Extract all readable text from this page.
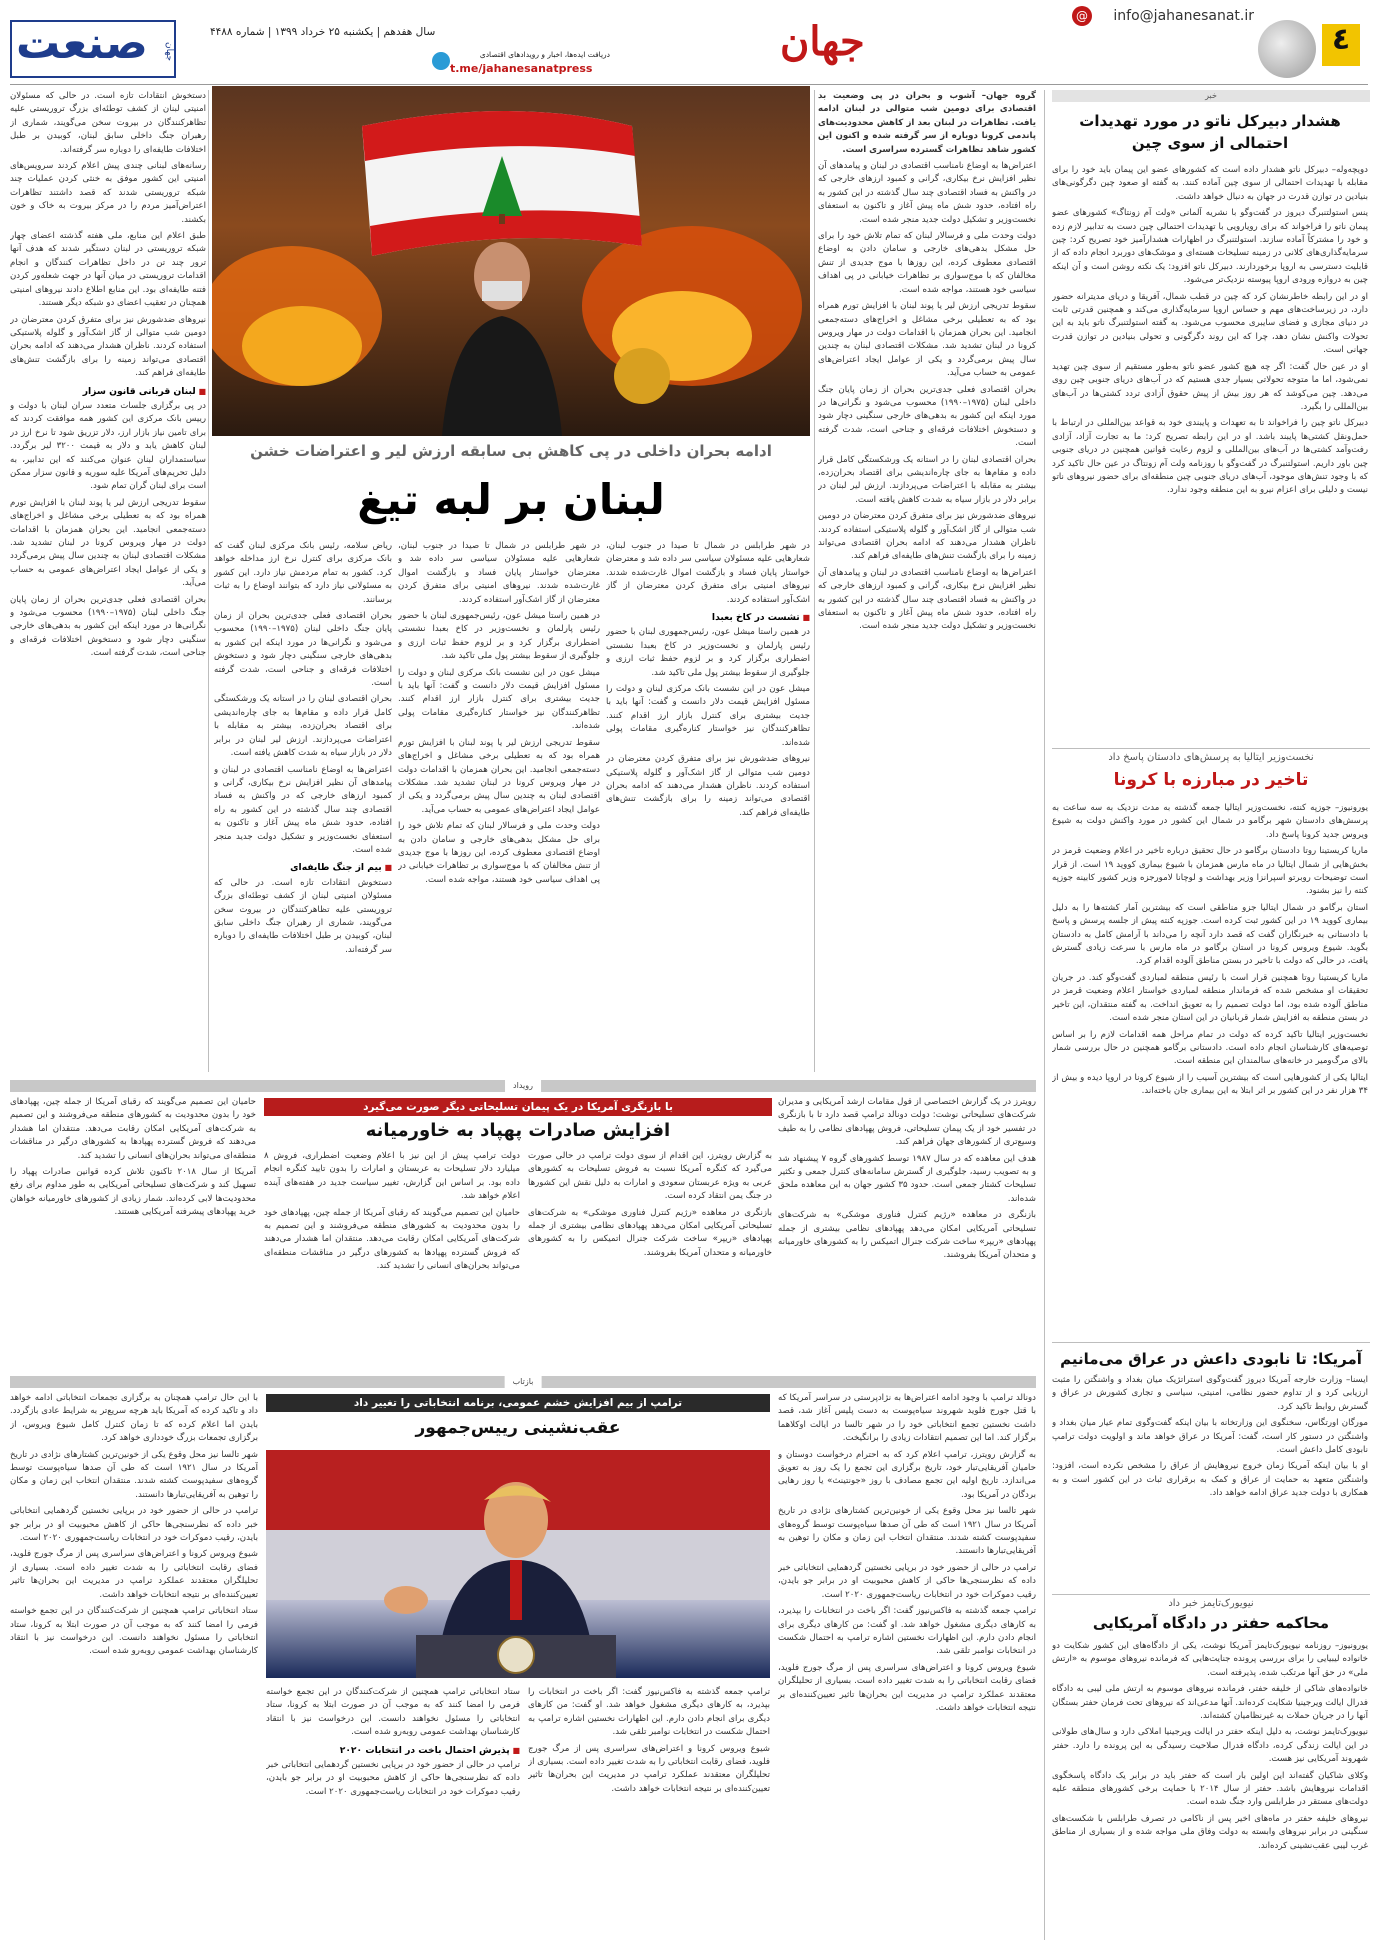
٤
@ info@jahanesanat.ir
جهان
دریافت ایده‌ها، اخبار و رویدادهای اقتصادی
t.me/jahanesanatpress
سال هفدهم | یکشنبه ۲۵ خرداد ۱۳۹۹ | شماره ۴۴۸۸
صنعت جهان
خبر
هشدار دبیرکل ناتو در مورد تهدیدات احتمالی از سوی چین

دویچه‌وله– دبیرکل ناتو هشدار داده است که کشورهای عضو این پیمان باید خود را برای مقابله با تهدیدات احتمالی از سوی چین آماده کنند. به گفته او صعود چین دگرگونی‌های بنیادین در توازن قدرت در جهان به دنبال خواهد داشت.

ینس استولتنبرگ دیروز در گفت‌وگو با نشریه آلمانی «ولت آم زونتاگ» کشورهای عضو پیمان ناتو را فراخواند که برای رویارویی با تهدیدات احتمالی چین دست به تدابیر لازم زده و خود را مشترکاً آماده سازند. استولتنبرگ در اظهارات هشدارآمیز خود تصریح کرد: چین سرمایه‌گذاری‌های کلانی در زمینه تسلیحات هسته‌ای و موشک‌های دوربرد انجام داده که از قابلیت دسترسی به اروپا برخوردارند. دبیرکل ناتو افزود: یک نکته روشن است و آن اینکه چین به دروازه ورودی اروپا پیوسته نزدیک‌تر می‌شود.

او در این رابطه خاطرنشان کرد که چین در قطب شمال، آفریقا و دریای مدیترانه حضور دارد، در زیرساخت‌های مهم و حساس اروپا سرمایه‌گذاری می‌کند و همچنین قدرتی ثابت در دنیای مجازی و فضای سایبری محسوب می‌شود. به گفته استولتنبرگ ناتو باید به این تحولات واکنش نشان دهد، چرا که این روند دگرگونی و تحولی بنیادین در توازن قدرت جهانی است.

او در عین حال گفت: اگر چه هیچ کشور عضو ناتو به‌طور مستقیم از سوی چین تهدید نمی‌شود، اما ما متوجه تحولاتی بسیار جدی هستیم که در آب‌های دریای جنوبی چین روی می‌دهد. چین می‌کوشد که هر روز بیش از پیش حقوق آزادی تردد کشتی‌ها در آب‌های بین‌المللی را بگیرد.

دبیرکل ناتو چین را فراخواند تا به تعهدات و پایبندی خود به قواعد بین‌المللی در ارتباط با حمل‌ونقل کشتی‌ها پایبند باشد. او در این رابطه تصریح کرد: ما به تجارت آزاد، آزادی رفت‌وآمد کشتی‌ها در آب‌های بین‌المللی و لزوم رعایت قوانین همچنین در دریای جنوبی چین باور داریم. استولتنبرگ در گفت‌وگو با روزنامه ولت آم زونتاگ در عین حال تاکید کرد که با وجود تنش‌های موجود، آب‌های دریای جنوبی چین منطقه‌ای برای حضور نیروهای ناتو نیست و دلیلی برای اعزام نیرو به این منطقه وجود ندارد.

نخست‌وزیر ایتالیا به پرسش‌های دادستان پاسخ داد
تاخیر در مبارزه با کرونا

یورونیوز– جوزپه کنته، نخست‌وزیر ایتالیا جمعه گذشته به مدت نزدیک به سه ساعت به پرسش‌های دادستان شهر برگامو در شمال این کشور در مورد واکنش دولت به شیوع ویروس جدید کرونا پاسخ داد.

ماریا کریستینا روتا دادستان برگامو در حال تحقیق درباره تاخیر در اعلام وضعیت قرمز در بخش‌هایی از شمال ایتالیا در ماه مارس همزمان با شیوع بیماری کووید ۱۹ است. از قرار است توضیحات روبرتو اسپرانزا وزیر بهداشت و لوچانا لامورجزه وزیر کشور کابینه جوزپه کنته را نیز بشنود.

استان برگامو در شمال ایتالیا جزو مناطقی است که بیشترین آمار کشته‌ها را به دلیل بیماری کووید ۱۹ در این کشور ثبت کرده است. جوزپه کنته پیش از جلسه پرسش و پاسخ با دادستانی به خبرنگاران گفت که قصد دارد آنچه را می‌داند با آرامش کامل به دادستان بگوید. شیوع ویروس کرونا در استان برگامو در ماه مارس با سرعت زیادی گسترش یافت، در حالی که دولت با تاخیر در بستن مناطق آلوده اقدام کرد.

ماریا کریستینا روتا همچنین قرار است با رئیس منطقه لمباردی گفت‌وگو کند. در جریان تحقیقات او مشخص شده که فرماندار منطقه لمباردی خواستار اعلام وضعیت قرمز در مناطق آلوده شده بود، اما دولت تصمیم را به تعویق انداخت. به گفته منتقدان، این تاخیر در بستن منطقه به افزایش شمار قربانیان در این استان منجر شده است.

نخست‌وزیر ایتالیا تاکید کرده که دولت در تمام مراحل همه اقدامات لازم را بر اساس توصیه‌های کارشناسان انجام داده است. دادستانی برگامو همچنین در حال بررسی شمار بالای مرگ‌ومیر در خانه‌های سالمندان این منطقه است.

ایتالیا یکی از کشورهایی است که بیشترین آسیب را از شیوع کرونا در اروپا دیده و بیش از ۳۴ هزار نفر در این کشور بر اثر ابتلا به این بیماری جان باخته‌اند.

آمریکا: تا نابودی داعش در عراق می‌مانیم

ایسنا– وزارت خارجه آمریکا دیروز گفت‌وگوی استراتژیک میان بغداد و واشنگتن را مثبت ارزیابی کرد و از تداوم حضور نظامی، امنیتی، سیاسی و تجاری کشورش در عراق و گسترش روابط تاکید کرد.

مورگان اورتگاس، سخنگوی این وزارتخانه با بیان اینکه گفت‌وگوی تمام عیار میان بغداد و واشنگتن در دستور کار است، گفت: آمریکا در عراق خواهد ماند و اولویت دولت ترامپ نابودی کامل داعش است.

او با بیان اینکه آمریکا زمان خروج نیروهایش از عراق را مشخص نکرده است، افزود: واشنگتن متعهد به حمایت از عراق و کمک به برقراری ثبات در این کشور است و به همکاری با دولت جدید عراق ادامه خواهد داد.

نیویورک‌تایمز خبر داد
محاکمه حفتر در دادگاه آمریکایی

یورونیوز– روزنامه نیویورک‌تایمز آمریکا نوشت، یکی از دادگاه‌های این کشور شکایت دو خانواده لیبیایی را برای بررسی پرونده جنایت‌هایی که فرمانده نیروهای موسوم به «ارتش ملی» در حق آنها مرتکب شده، پذیرفته است.

خانواده‌های شاکی از خلیفه حفتر، فرمانده نیروهای موسوم به ارتش ملی لیبی به دادگاه فدرال ایالت ویرجینیا شکایت کرده‌اند. آنها مدعی‌اند که نیروهای تحت فرمان حفتر بستگان آنها را در جریان حملات به غیرنظامیان کشته‌اند.

نیویورک‌تایمز نوشت، به دلیل اینکه حفتر در ایالت ویرجینیا املاکی دارد و سال‌های طولانی در این ایالت زندگی کرده، دادگاه فدرال صلاحیت رسیدگی به این پرونده را دارد. حفتر شهروند آمریکایی نیز هست.

وکلای شاکیان گفته‌اند این اولین بار است که حفتر باید در برابر یک دادگاه پاسخگوی اقدامات نیروهایش باشد. حفتر از سال ۲۰۱۴ با حمایت برخی کشورهای منطقه علیه دولت‌های مستقر در طرابلس وارد جنگ شده است.

نیروهای خلیفه حفتر در ماه‌های اخیر پس از ناکامی در تصرف طرابلس با شکست‌های سنگینی در برابر نیروهای وابسته به دولت وفاق ملی مواجه شده و از بسیاری از مناطق غرب لیبی عقب‌نشینی کرده‌اند.

ادامه بحران داخلی در پی کاهش بی سابقه ارزش لیر و اعتراضات خشن
لبنان بر لبه تیغ

گروه جهان– آشوب و بحران در پی وضعیت بد اقتصادی برای دومین شب متوالی در لبنان ادامه یافت. تظاهرات در لبنان بعد از کاهش محدودیت‌های پاندمی کرونا دوباره از سر گرفته شده و اکنون این کشور شاهد تظاهرات گسترده سراسری است.

اعتراض‌ها به اوضاع نامناسب اقتصادی در لبنان و پیامدهای آن نظیر افزایش نرخ بیکاری، گرانی و کمبود ارزهای خارجی که در واکنش به فساد اقتصادی چند سال گذشته در این کشور به راه افتاده، حدود شش ماه پیش آغاز و تاکنون به استعفای نخست‌وزیر و تشکیل دولت جدید منجر شده است.

دولت وحدت ملی و فرسالار لبنان که تمام تلاش خود را برای حل مشکل بدهی‌های خارجی و سامان دادن به اوضاع اقتصادی معطوف کرده، این روزها با موج جدیدی از تنش مخالفان که با موج‌سواری بر تظاهرات خیابانی در پی اهداف سیاسی خود هستند، مواجه شده است.

سقوط تدریجی ارزش لیر یا پوند لبنان با افزایش تورم همراه بود که به تعطیلی برخی مشاغل و اخراج‌های دسته‌جمعی انجامید. این بحران همزمان با اقدامات دولت در مهار ویروس کرونا در لبنان تشدید شد. مشکلات اقتصادی لبنان به چندین سال پیش برمی‌گردد و یکی از عوامل ایجاد اعتراض‌های عمومی به حساب می‌آید.

بحران اقتصادی فعلی جدی‌ترین بحران از زمان پایان جنگ داخلی لبنان (۱۹۷۵–۱۹۹۰) محسوب می‌شود و نگرانی‌ها در مورد اینکه این کشور به بدهی‌های خارجی سنگینی دچار شود و دستخوش اختلافات فرقه‌ای و جناحی است، شدت گرفته است.

بحران اقتصادی لبنان را در استانه یک ورشکستگی کامل قرار داده و مقام‌ها به جای چاره‌اندیشی برای اقتصاد بحران‌زده، بیشتر به مقابله با اعتراضات می‌پردازند. ارزش لیر لبنان در برابر دلار در بازار سیاه به شدت کاهش یافته است.

نیروهای ضدشورش نیز برای متفرق کردن معترضان در دومین شب متوالی از گاز اشک‌آور و گلوله پلاستیکی استفاده کردند. ناظران هشدار می‌دهند که ادامه بحران اقتصادی می‌تواند زمینه را برای بازگشت تنش‌های طایفه‌ای فراهم کند.

اعتراض‌ها به اوضاع نامناسب اقتصادی در لبنان و پیامدهای آن نظیر افزایش نرخ بیکاری، گرانی و کمبود ارزهای خارجی که در واکنش به فساد اقتصادی چند سال گذشته در این کشور به راه افتاده، حدود شش ماه پیش آغاز و تاکنون به استعفای نخست‌وزیر و تشکیل دولت جدید منجر شده است.

در شهر طرابلس در شمال تا صیدا در جنوب لبنان، شعارهایی علیه مسئولان سیاسی سر داده شد و معترضان خواستار پایان فساد و بازگشت اموال غارت‌شده شدند. نیروهای امنیتی برای متفرق کردن معترضان از گاز اشک‌آور استفاده کردند.

■ تشست در کاخ بعبدا

در همین راستا میشل عون، رئیس‌جمهوری لبنان با حضور رئیس پارلمان و نخست‌وزیر در کاخ بعبدا نشستی اضطراری برگزار کرد و بر لزوم حفظ ثبات ارزی و جلوگیری از سقوط بیشتر پول ملی تاکید شد.

میشل عون در این نشست بانک مرکزی لبنان و دولت را مسئول افزایش قیمت دلار دانست و گفت: آنها باید با جدیت بیشتری برای کنترل بازار ارز اقدام کنند. تظاهرکنندگان نیز خواستار کناره‌گیری مقامات پولی شده‌اند.

نیروهای ضدشورش نیز برای متفرق کردن معترضان در دومین شب متوالی از گاز اشک‌آور و گلوله پلاستیکی استفاده کردند. ناظران هشدار می‌دهند که ادامه بحران اقتصادی می‌تواند زمینه را برای بازگشت تنش‌های طایفه‌ای فراهم کند.

در شهر طرابلس در شمال تا صیدا در جنوب لبنان، شعارهایی علیه مسئولان سیاسی سر داده شد و معترضان خواستار پایان فساد و بازگشت اموال غارت‌شده شدند. نیروهای امنیتی برای متفرق کردن معترضان از گاز اشک‌آور استفاده کردند.

در همین راستا میشل عون، رئیس‌جمهوری لبنان با حضور رئیس پارلمان و نخست‌وزیر در کاخ بعبدا نشستی اضطراری برگزار کرد و بر لزوم حفظ ثبات ارزی و جلوگیری از سقوط بیشتر پول ملی تاکید شد.

میشل عون در این نشست بانک مرکزی لبنان و دولت را مسئول افزایش قیمت دلار دانست و گفت: آنها باید با جدیت بیشتری برای کنترل بازار ارز اقدام کنند. تظاهرکنندگان نیز خواستار کناره‌گیری مقامات پولی شده‌اند.

سقوط تدریجی ارزش لیر یا پوند لبنان با افزایش تورم همراه بود که به تعطیلی برخی مشاغل و اخراج‌های دسته‌جمعی انجامید. این بحران همزمان با اقدامات دولت در مهار ویروس کرونا در لبنان تشدید شد. مشکلات اقتصادی لبنان به چندین سال پیش برمی‌گردد و یکی از عوامل ایجاد اعتراض‌های عمومی به حساب می‌آید.

دولت وحدت ملی و فرسالار لبنان که تمام تلاش خود را برای حل مشکل بدهی‌های خارجی و سامان دادن به اوضاع اقتصادی معطوف کرده، این روزها با موج جدیدی از تنش مخالفان که با موج‌سواری بر تظاهرات خیابانی در پی اهداف سیاسی خود هستند، مواجه شده است.

ریاض سلامه، رئیس بانک مرکزی لبنان گفت که بانک مرکزی برای کنترل نرخ ارز مداخله خواهد کرد. کشور به تمام مردمش نیاز دارد. این کشور به مسئولانی نیاز دارد که بتوانند اوضاع را به ثبات برسانند.

بحران اقتصادی فعلی جدی‌ترین بحران از زمان پایان جنگ داخلی لبنان (۱۹۷۵–۱۹۹۰) محسوب می‌شود و نگرانی‌ها در مورد اینکه این کشور به بدهی‌های خارجی سنگینی دچار شود و دستخوش اختلافات فرقه‌ای و جناحی است، شدت گرفته است.

بحران اقتصادی لبنان را در استانه یک ورشکستگی کامل قرار داده و مقام‌ها به جای چاره‌اندیشی برای اقتصاد بحران‌زده، بیشتر به مقابله با اعتراضات می‌پردازند. ارزش لیر لبنان در برابر دلار در بازار سیاه به شدت کاهش یافته است.

اعتراض‌ها به اوضاع نامناسب اقتصادی در لبنان و پیامدهای آن نظیر افزایش نرخ بیکاری، گرانی و کمبود ارزهای خارجی که در واکنش به فساد اقتصادی چند سال گذشته در این کشور به راه افتاده، حدود شش ماه پیش آغاز و تاکنون به استعفای نخست‌وزیر و تشکیل دولت جدید منجر شده است.

■ بیم از جنگ طایفه‌ای

دستخوش انتقادات تازه است. در حالی که مسئولان امنیتی لبنان از کشف توطئه‌ای بزرگ تروریستی علیه تظاهرکنندگان در بیروت سخن می‌گویند، شماری از رهبران جنگ داخلی سابق لبنان، کوبیدن بر طبل اختلافات طایفه‌ای را دوباره سر گرفته‌اند.

دستخوش انتقادات تازه است. در حالی که مسئولان امنیتی لبنان از کشف توطئه‌ای بزرگ تروریستی علیه تظاهرکنندگان در بیروت سخن می‌گویند، شماری از رهبران جنگ داخلی سابق لبنان، کوبیدن بر طبل اختلافات طایفه‌ای را دوباره سر گرفته‌اند.

رسانه‌های لبنانی چندی پیش اعلام کردند سرویس‌های امنیتی این کشور موفق به خنثی کردن عملیات چند شبکه تروریستی شدند که قصد داشتند تظاهرات اعتراض‌آمیز مردم را در مرکز بیروت به خاک و خون بکشند.

طبق اعلام این منابع، ملی هفته گذشته اعضای چهار شبکه تروریستی در لبنان دستگیر شدند که هدف آنها ترور چند تن در داخل تظاهرات کنندگان و انجام اقدامات تروریستی در میان آنها در جهت شعله‌ور کردن فتنه طایفه‌ای بود. این منابع اطلاع دادند نیروهای امنیتی همچنان در تعقیب اعضای دو شبکه دیگر هستند.

نیروهای ضدشورش نیز برای متفرق کردن معترضان در دومین شب متوالی از گاز اشک‌آور و گلوله پلاستیکی استفاده کردند. ناظران هشدار می‌دهند که ادامه بحران اقتصادی می‌تواند زمینه را برای بازگشت تنش‌های طایفه‌ای فراهم کند.

■ لبنان قربانی قانون سزار

در پی برگزاری جلسات متعدد سران لبنان با دولت و رییس بانک مرکزی این کشور همه موافقت کردند که برای تامین نیاز بازار ارز، دلار تزریق شود تا نرخ ارز در لبنان کاهش یابد و دلار به قیمت ۳۲۰۰ لیر برگردد. سیاستمداران لبنان عنوان می‌کنند که این تدابیر، به دلیل تحریم‌های آمریکا علیه سوریه و قانون سزار ممکن است برای لبنان گران تمام شود.

سقوط تدریجی ارزش لیر یا پوند لبنان با افزایش تورم همراه بود که به تعطیلی برخی مشاغل و اخراج‌های دسته‌جمعی انجامید. این بحران همزمان با اقدامات دولت در مهار ویروس کرونا در لبنان تشدید شد. مشکلات اقتصادی لبنان به چندین سال پیش برمی‌گردد و یکی از عوامل ایجاد اعتراض‌های عمومی به حساب می‌آید.

بحران اقتصادی فعلی جدی‌ترین بحران از زمان پایان جنگ داخلی لبنان (۱۹۷۵–۱۹۹۰) محسوب می‌شود و نگرانی‌ها در مورد اینکه این کشور به بدهی‌های خارجی سنگینی دچار شود و دستخوش اختلافات فرقه‌ای و جناحی است، شدت گرفته است.

رویداد
با بازنگری آمریکا در یک پیمان تسلیحاتی دیگر صورت می‌گیرد
افزایش صادرات پهپاد به خاورمیانه

رویترز در یک گزارش اختصاصی از قول مقامات ارشد آمریکایی و مدیران شرکت‌های تسلیحاتی نوشت: دولت دونالد ترامپ قصد دارد تا با بازنگری در تفسیر خود از یک پیمان تسلیحاتی، فروش پهپادهای نظامی را به طیف وسیع‌تری از کشورهای جهان فراهم کند.

هدف این معاهده که در سال ۱۹۸۷ توسط کشورهای گروه ۷ پیشنهاد شد و به تصویب رسید، جلوگیری از گسترش سامانه‌های کنترل جمعی و تکثیر تسلیحات کشتار جمعی است. حدود ۳۵ کشور جهان به این معاهده ملحق شده‌اند.

بازنگری در معاهده «رژیم کنترل فناوری موشکی» به شرکت‌های تسلیحاتی آمریکایی امکان می‌دهد پهپادهای نظامی بیشتری از جمله پهپادهای «ریپر» ساخت شرکت جنرال اتمیکس را به کشورهای خاورمیانه و متحدان آمریکا بفروشند.

به گزارش رویترز، این اقدام از سوی دولت ترامپ در حالی صورت می‌گیرد که کنگره آمریکا نسبت به فروش تسلیحات به کشورهای عربی به ویژه عربستان سعودی و امارات به دلیل نقش این کشورها در جنگ یمن انتقاد کرده است.

بازنگری در معاهده «رژیم کنترل فناوری موشکی» به شرکت‌های تسلیحاتی آمریکایی امکان می‌دهد پهپادهای نظامی بیشتری از جمله پهپادهای «ریپر» ساخت شرکت جنرال اتمیکس را به کشورهای خاورمیانه و متحدان آمریکا بفروشند.

دولت ترامپ پیش از این نیز با اعلام وضعیت اضطراری، فروش ۸ میلیارد دلار تسلیحات به عربستان و امارات را بدون تایید کنگره انجام داده بود. بر اساس این گزارش، تغییر سیاست جدید در هفته‌های آینده اعلام خواهد شد.

حامیان این تصمیم می‌گویند که رقبای آمریکا از جمله چین، پهپادهای خود را بدون محدودیت به کشورهای منطقه می‌فروشند و این تصمیم به شرکت‌های آمریکایی امکان رقابت می‌دهد. منتقدان اما هشدار می‌دهند که فروش گسترده پهپادها به کشورهای درگیر در مناقشات منطقه‌ای می‌تواند بحران‌های انسانی را تشدید کند.

حامیان این تصمیم می‌گویند که رقبای آمریکا از جمله چین، پهپادهای خود را بدون محدودیت به کشورهای منطقه می‌فروشند و این تصمیم به شرکت‌های آمریکایی امکان رقابت می‌دهد. منتقدان اما هشدار می‌دهند که فروش گسترده پهپادها به کشورهای درگیر در مناقشات منطقه‌ای می‌تواند بحران‌های انسانی را تشدید کند.

آمریکا از سال ۲۰۱۸ تاکنون تلاش کرده قوانین صادرات پهپاد را تسهیل کند و شرکت‌های تسلیحاتی آمریکایی به طور مداوم برای رفع محدودیت‌ها لابی کرده‌اند. شمار زیادی از کشورهای خاورمیانه خواهان خرید پهپادهای پیشرفته آمریکایی هستند.

بازتاب
ترامپ از بیم افزایش خشم عمومی، برنامه انتخاباتی را تغییر داد
عقب‌نشینی رییس‌جمهور

دونالد ترامپ با وجود ادامه اعتراض‌ها به نژادپرستی در سراسر آمریکا که با قتل جورج فلوید شهروند سیاه‌پوست به دست پلیس آغاز شد، قصد داشت نخستین تجمع انتخاباتی خود را در شهر تالسا در ایالت اوکلاهما برگزار کند. اما این تصمیم انتقادات زیادی را برانگیخت.

به گزارش رویترز، ترامپ اعلام کرد که به احترام درخواست دوستان و حامیان آفریقایی‌تبار خود، تاریخ برگزاری این تجمع را یک روز به تعویق می‌اندازد. تاریخ اولیه این تجمع مصادف با روز «جونتینث» یا روز رهایی بردگان در آمریکا بود.

شهر تالسا نیز محل وقوع یکی از خونین‌ترین کشتارهای نژادی در تاریخ آمریکا در سال ۱۹۲۱ است که طی آن صدها سیاه‌پوست توسط گروه‌های سفیدپوست کشته شدند. منتقدان انتخاب این زمان و مکان را توهین به آفریقایی‌تبارها دانستند.

ترامپ در حالی از حضور خود در برپایی نخستین گردهمایی انتخاباتی خبر داده که نظرسنجی‌ها حاکی از کاهش محبوبیت او در برابر جو بایدن، رقیب دموکرات خود در انتخابات ریاست‌جمهوری ۲۰۲۰ است.

ترامپ جمعه گذشته به فاکس‌نیوز گفت: اگر باخت در انتخابات را بپذیرد، به کارهای دیگری مشغول خواهد شد. او گفت: من کارهای دیگری برای انجام دادن دارم. این اظهارات نخستین اشاره ترامپ به احتمال شکست در انتخابات نوامبر تلقی شد.

شیوع ویروس کرونا و اعتراض‌های سراسری پس از مرگ جورج فلوید، فضای رقابت انتخاباتی را به شدت تغییر داده است. بسیاری از تحلیلگران معتقدند عملکرد ترامپ در مدیریت این بحران‌ها تاثیر تعیین‌کننده‌ای بر نتیجه انتخابات خواهد داشت.

ترامپ جمعه گذشته به فاکس‌نیوز گفت: اگر باخت در انتخابات را بپذیرد، به کارهای دیگری مشغول خواهد شد. او گفت: من کارهای دیگری برای انجام دادن دارم. این اظهارات نخستین اشاره ترامپ به احتمال شکست در انتخابات نوامبر تلقی شد.

شیوع ویروس کرونا و اعتراض‌های سراسری پس از مرگ جورج فلوید، فضای رقابت انتخاباتی را به شدت تغییر داده است. بسیاری از تحلیلگران معتقدند عملکرد ترامپ در مدیریت این بحران‌ها تاثیر تعیین‌کننده‌ای بر نتیجه انتخابات خواهد داشت.

ستاد انتخاباتی ترامپ همچنین از شرکت‌کنندگان در این تجمع خواسته فرمی را امضا کنند که به موجب آن در صورت ابتلا به کرونا، ستاد انتخاباتی را مسئول نخواهند دانست. این درخواست نیز با انتقاد کارشناسان بهداشت عمومی روبه‌رو شده است.

■ پذیرش احتمال باخت در انتخابات ۲۰۲۰

ترامپ در حالی از حضور خود در برپایی نخستین گردهمایی انتخاباتی خبر داده که نظرسنجی‌ها حاکی از کاهش محبوبیت او در برابر جو بایدن، رقیب دموکرات خود در انتخابات ریاست‌جمهوری ۲۰۲۰ است.

با این حال ترامپ همچنان به برگزاری تجمعات انتخاباتی ادامه خواهد داد و تاکید کرده که آمریکا باید هرچه سریع‌تر به شرایط عادی بازگردد. بایدن اما اعلام کرده که تا زمان کنترل کامل شیوع ویروس، از برگزاری تجمعات بزرگ خودداری خواهد کرد.

شهر تالسا نیز محل وقوع یکی از خونین‌ترین کشتارهای نژادی در تاریخ آمریکا در سال ۱۹۲۱ است که طی آن صدها سیاه‌پوست توسط گروه‌های سفیدپوست کشته شدند. منتقدان انتخاب این زمان و مکان را توهین به آفریقایی‌تبارها دانستند.

ترامپ در حالی از حضور خود در برپایی نخستین گردهمایی انتخاباتی خبر داده که نظرسنجی‌ها حاکی از کاهش محبوبیت او در برابر جو بایدن، رقیب دموکرات خود در انتخابات ریاست‌جمهوری ۲۰۲۰ است.

شیوع ویروس کرونا و اعتراض‌های سراسری پس از مرگ جورج فلوید، فضای رقابت انتخاباتی را به شدت تغییر داده است. بسیاری از تحلیلگران معتقدند عملکرد ترامپ در مدیریت این بحران‌ها تاثیر تعیین‌کننده‌ای بر نتیجه انتخابات خواهد داشت.

ستاد انتخاباتی ترامپ همچنین از شرکت‌کنندگان در این تجمع خواسته فرمی را امضا کنند که به موجب آن در صورت ابتلا به کرونا، ستاد انتخاباتی را مسئول نخواهند دانست. این درخواست نیز با انتقاد کارشناسان بهداشت عمومی روبه‌رو شده است.
